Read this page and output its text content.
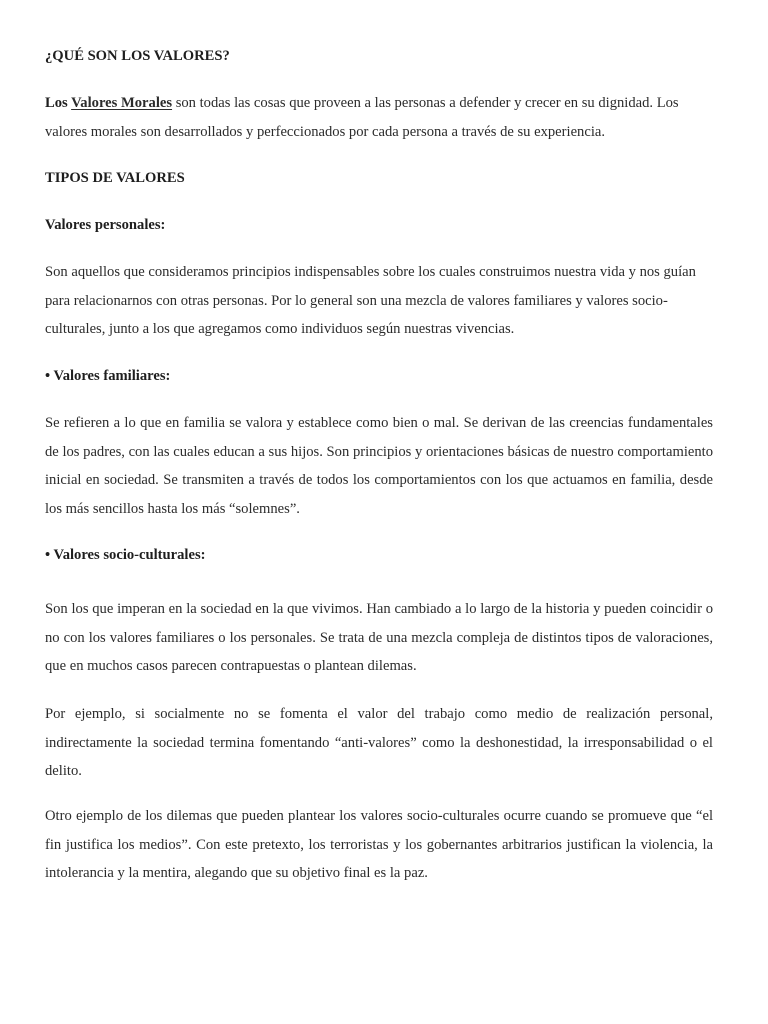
¿QUÉ SON LOS VALORES?
Los Valores Morales son todas las cosas que proveen a las personas a defender y crecer en su dignidad. Los valores morales son desarrollados y perfeccionados por cada persona a través de su experiencia.
TIPOS DE VALORES
Valores personales:
Son aquellos que consideramos principios indispensables sobre los cuales construimos nuestra vida y nos guían para relacionarnos con otras personas. Por lo general son una mezcla de valores familiares y valores socio-culturales, junto a los que agregamos como individuos según nuestras vivencias.
• Valores familiares:
Se refieren a lo que en familia se valora y establece como bien o mal. Se derivan de las creencias fundamentales de los padres, con las cuales educan a sus hijos. Son principios y orientaciones básicas de nuestro comportamiento inicial en sociedad. Se transmiten a través de todos los comportamientos con los que actuamos en familia, desde los más sencillos hasta los más “solemnes”.
• Valores socio-culturales:
Son los que imperan en la sociedad en la que vivimos. Han cambiado a lo largo de la historia y pueden coincidir o no con los valores familiares o los personales. Se trata de una mezcla compleja de distintos tipos de valoraciones, que en muchos casos parecen contrapuestas o plantean dilemas.
Por ejemplo, si socialmente no se fomenta el valor del trabajo como medio de realización personal, indirectamente la sociedad termina fomentando “anti-valores” como la deshonestidad, la irresponsabilidad o el delito.
Otro ejemplo de los dilemas que pueden plantear los valores socio-culturales ocurre cuando se promueve que “el fin justifica los medios”. Con este pretexto, los terroristas y los gobernantes arbitrarios justifican la violencia, la intolerancia y la mentira, alegando que su objetivo final es la paz.
